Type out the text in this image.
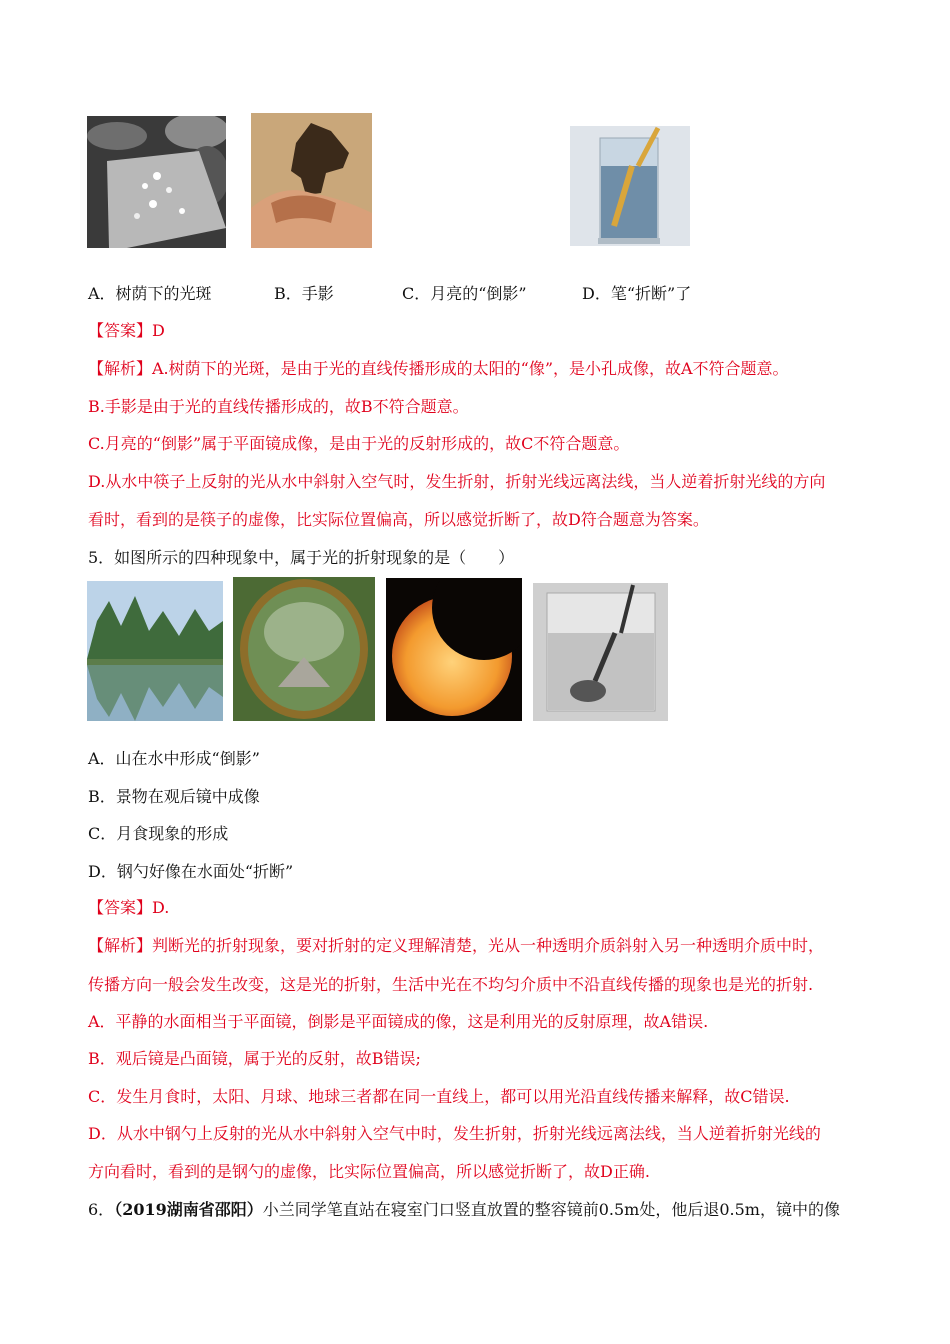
A．树荫下的光斑	B．手影	C．月亮的“倒影”	D．笔“折断”了
【答案】D
【解析】A.树荫下的光斑，是由于光的直线传播形成的太阳的“像”，是小孔成像，故A不符合题意。
B.手影是由于光的直线传播形成的，故B不符合题意。
C.月亮的“倒影”属于平面镜成像，是由于光的反射形成的，故C不符合题意。
D.从水中筷子上反射的光从水中斜射入空气时，发生折射，折射光线远离法线，当人逆着折射光线的方向
看时，看到的是筷子的虚像，比实际位置偏高，所以感觉折断了，故D符合题意为答案。
5．如图所示的四种现象中，属于光的折射现象的是（　　）
A．山在水中形成“倒影”
B．景物在观后镜中成像
C．月食现象的形成
D．钢勺好像在水面处“折断”
【答案】D.
【解析】判断光的折射现象，要对折射的定义理解清楚，光从一种透明介质斜射入另一种透明介质中时，
传播方向一般会发生改变，这是光的折射，生活中光在不均匀介质中不沿直线传播的现象也是光的折射.
A．平静的水面相当于平面镜，倒影是平面镜成的像，这是利用光的反射原理，故A错误.
B．观后镜是凸面镜，属于光的反射，故B错误;
C．发生月食时，太阳、月球、地球三者都在同一直线上，都可以用光沿直线传播来解释，故C错误.
D．从水中钢勺上反射的光从水中斜射入空气中时，发生折射，折射光线远离法线，当人逆着折射光线的
方向看时，看到的是钢勺的虚像，比实际位置偏高，所以感觉折断了，故D正确.
6．（2019湖南省邵阳）小兰同学笔直站在寝室门口竖直放置的整容镜前0.5m处，他后退0.5m，镜中的像
